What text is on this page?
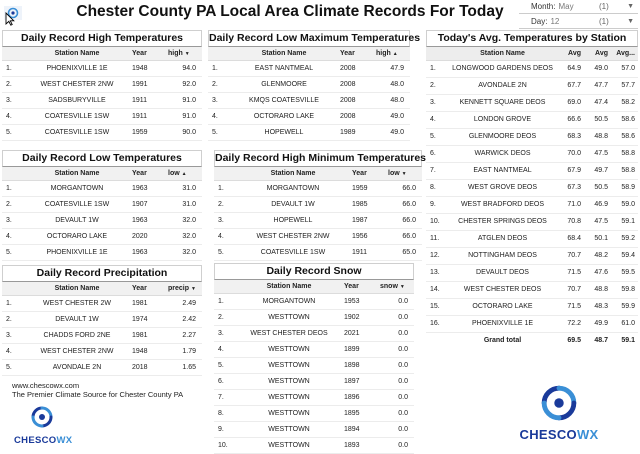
Chester County PA Local Area Climate Records For Today	Month: May	(1)	▼
Day: 12	(1)	▼
Daily Record High Temperatures
	Station Name	Year	high ▼
1.	PHOENIXVILLE 1E	1948	94.0
2.	WEST CHESTER 2NW	1991	92.0
3.	SADSBURYVILLE	1911	91.0
4.	COATESVILLE 1SW	1911	91.0
5.	COATESVILLE 1SW	1959	90.0
Daily Record Low Maximum Temperatures
	Station Name	Year	high ▲
1.	EAST NANTMEAL	2008	47.9
2.	GLENMOORE	2008	48.0
3.	KMQS COATESVILLE	2008	48.0
4.	OCTORARO LAKE	2008	49.0
5.	HOPEWELL	1989	49.0
Daily Record Low Temperatures
	Station Name	Year	low ▲
1.	MORGANTOWN	1963	31.0
2.	COATESVILLE 1SW	1907	31.0
3.	DEVAULT 1W	1963	32.0
4.	OCTORARO LAKE	2020	32.0
5.	PHOENIXVILLE 1E	1963	32.0
Daily Record High Minimum Temperatures
	Station Name	Year	low ▼
1.	MORGANTOWN	1959	66.0
2.	DEVAULT 1W	1985	66.0
3.	HOPEWELL	1987	66.0
4.	WEST CHESTER 2NW	1956	66.0
5.	COATESVILLE 1SW	1911	65.0
Daily Record Precipitation
	Station Name	Year	precip ▼
1.	WEST CHESTER 2W	1981	2.49
2.	DEVAULT 1W	1974	2.42
3.	CHADDS FORD 2NE	1981	2.27
4.	WEST CHESTER 2NW	1948	1.79
5.	AVONDALE 2N	2018	1.65
Daily Record Snow
	Station Name	Year	snow ▼
1.	MORGANTOWN	1953	0.0
2.	WESTTOWN	1902	0.0
3.	WEST CHESTER DEOS	2021	0.0
4.	WESTTOWN	1899	0.0
5.	WESTTOWN	1898	0.0
6.	WESTTOWN	1897	0.0
7.	WESTTOWN	1896	0.0
8.	WESTTOWN	1895	0.0
9.	WESTTOWN	1894	0.0
10.	WESTTOWN	1893	0.0
Today's Avg. Temperatures by Station
	Station Name	Avg	Avg	Avg...
1.	LONGWOOD GARDENS DEOS	64.9	49.0	57.0
2.	AVONDALE 2N	67.7	47.7	57.7
3.	KENNETT SQUARE DEOS	69.0	47.4	58.2
4.	LONDON GROVE	66.6	50.5	58.6
5.	GLENMOORE DEOS	68.3	48.8	58.6
6.	WARWICK DEOS	70.0	47.5	58.8
7.	EAST NANTMEAL	67.9	49.7	58.8
8.	WEST GROVE DEOS	67.3	50.5	58.9
9.	WEST BRADFORD DEOS	71.0	46.9	59.0
10.	CHESTER SPRINGS DEOS	70.8	47.5	59.1
11.	ATGLEN DEOS	68.4	50.1	59.2
12.	NOTTINGHAM DEOS	70.7	48.2	59.4
13.	DEVAULT DEOS	71.5	47.6	59.5
14.	WEST CHESTER DEOS	70.7	48.8	59.8
15.	OCTORARO LAKE	71.5	48.3	59.9
16.	PHOENIXVILLE 1E	72.2	49.9	61.0
	Grand total	69.5	48.7	59.1
www.chescowx.com
The Premier Climate Source for Chester County PA
CHESCOWX	CHESCOWX
